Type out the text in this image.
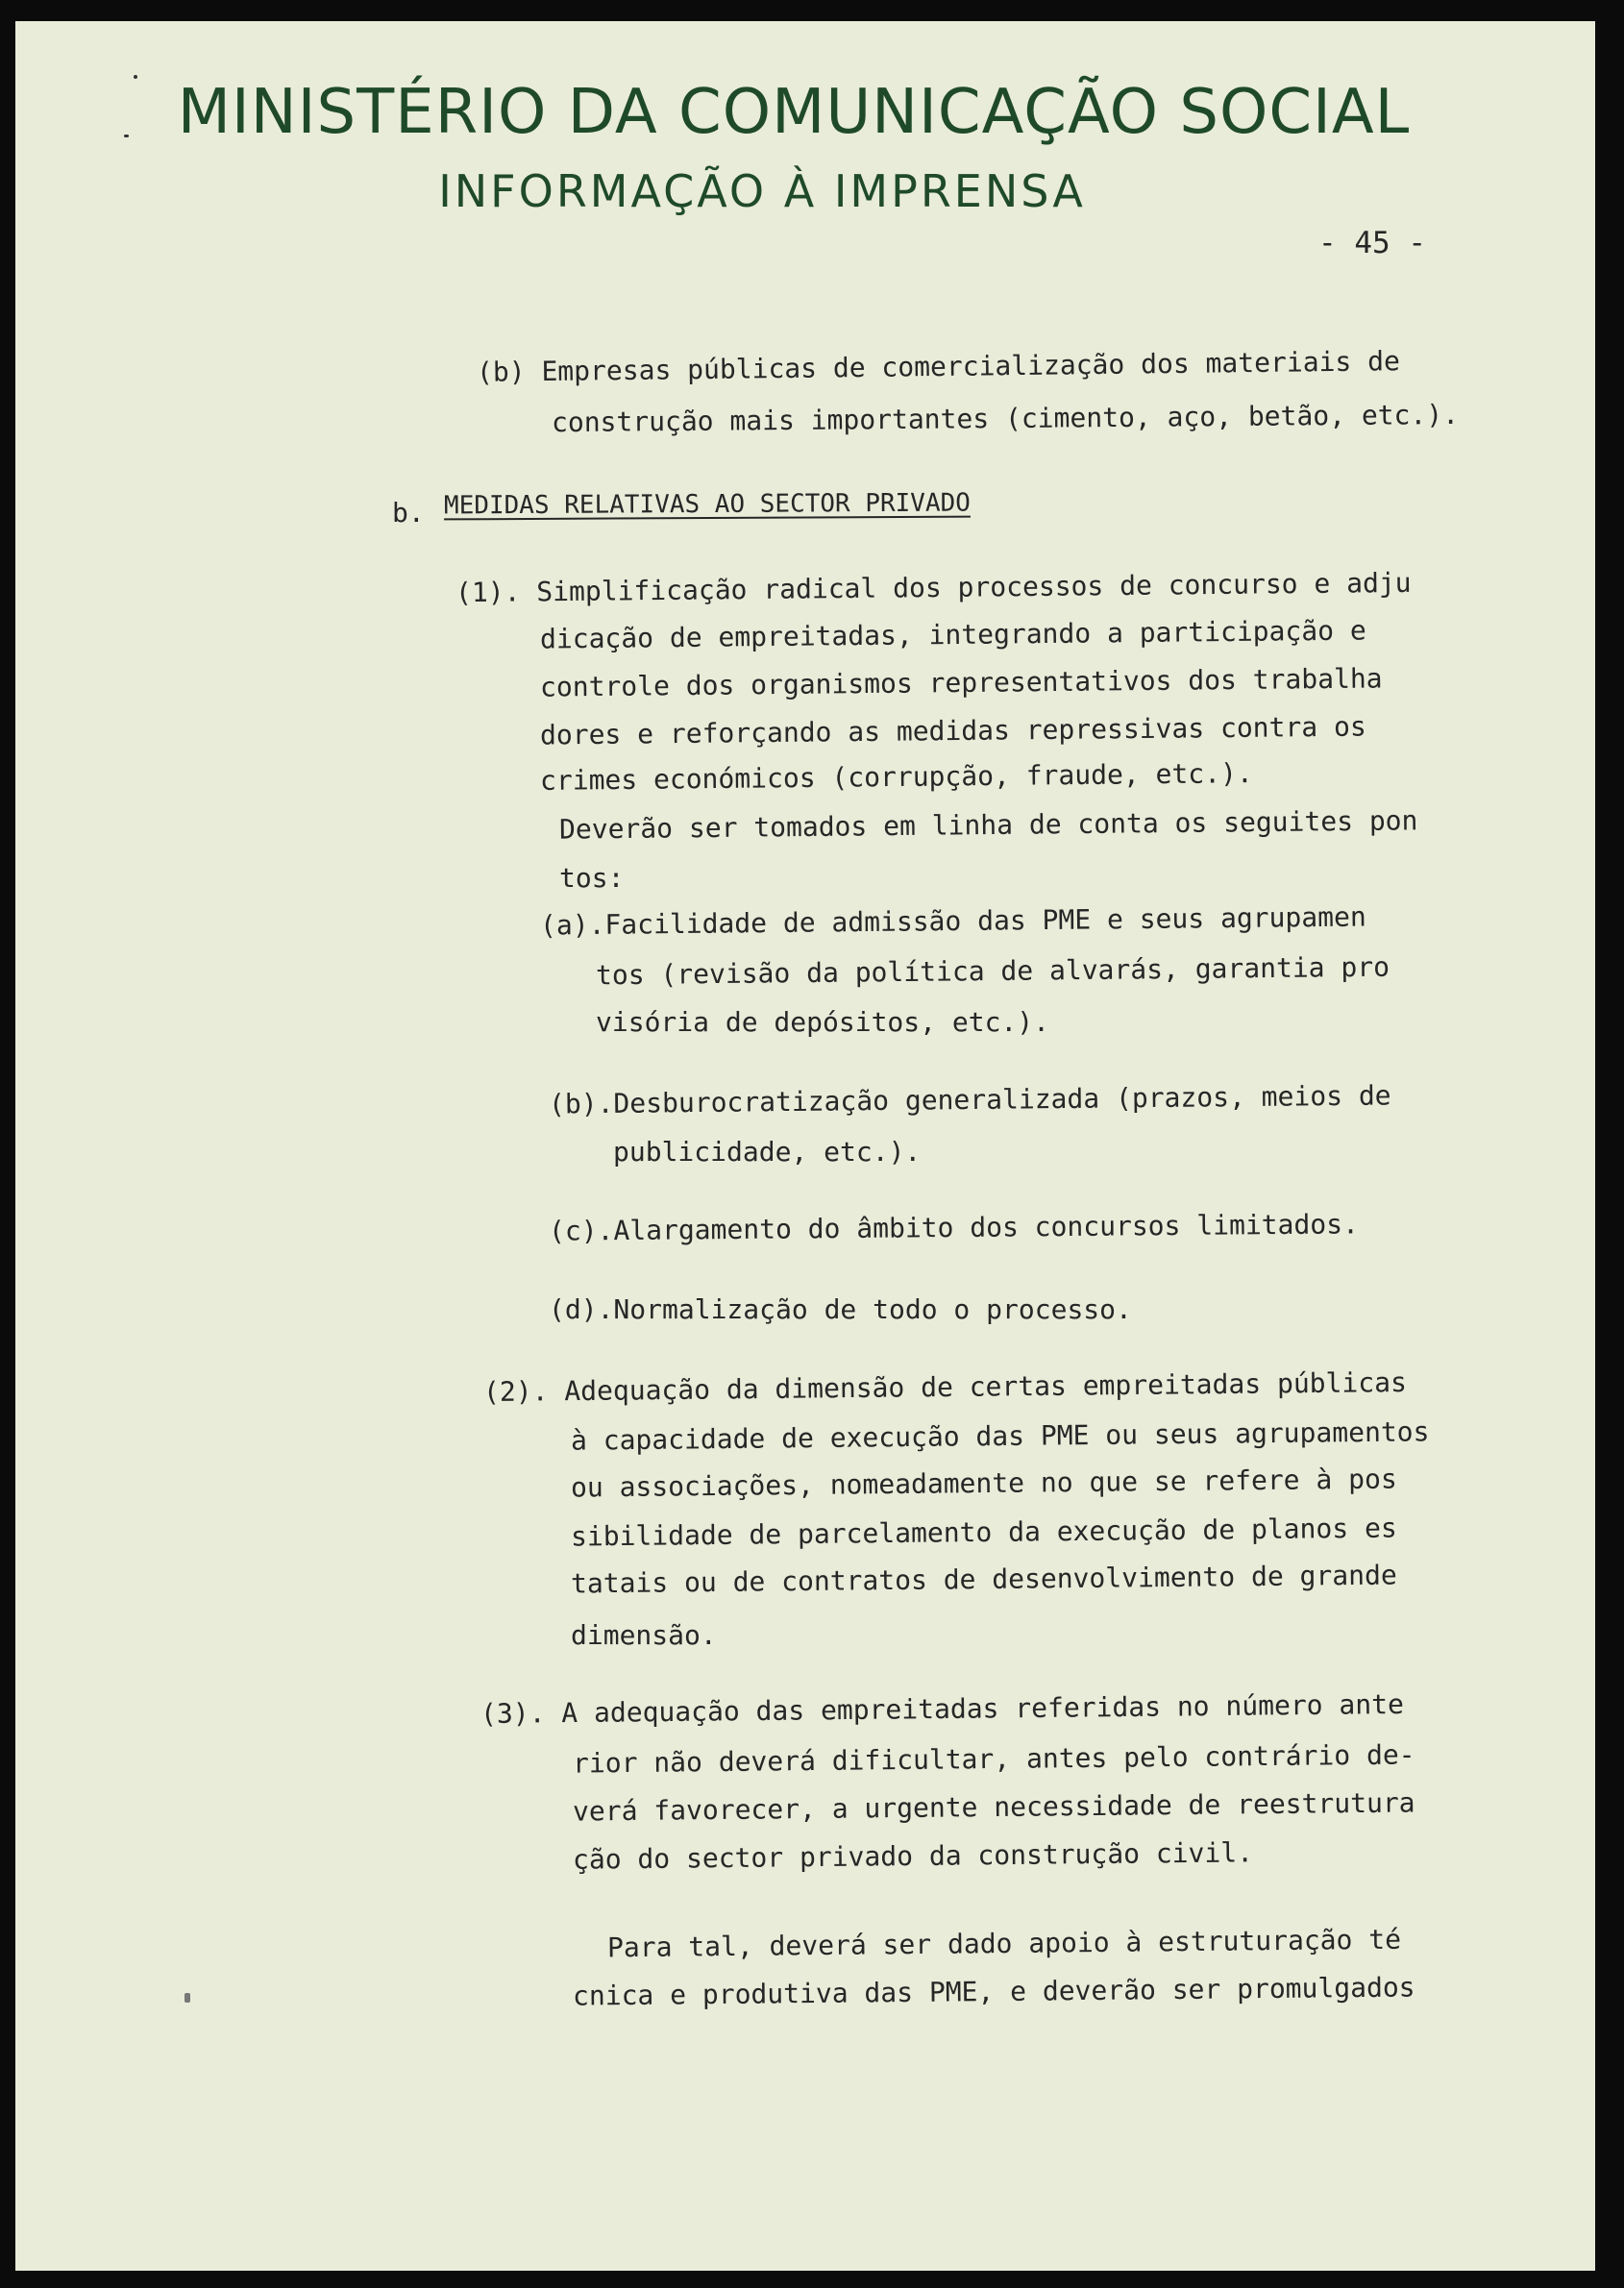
MINISTÉRIO DA COMUNICAÇÃO SOCIAL
INFORMAÇÃO À IMPRENSA
- 45 -
(b) Empresas públicas de comercialização dos materiais de
construção mais importantes (cimento, aço, betão, etc.).
b. MEDIDAS RELATIVAS AO SECTOR PRIVADO
(1). Simplificação radical dos processos de concurso e adju
dicação de empreitadas, integrando a participação e
controle dos organismos representativos dos trabalha
dores e reforçando as medidas repressivas contra os
crimes económicos (corrupção, fraude, etc.).
Deverão ser tomados em linha de conta os seguites pon
tos:
(a).Facilidade de admissão das PME e seus agrupamen
tos (revisão da política de alvarás, garantia pro
visória de depósitos, etc.).
(b).Desburocratização generalizada (prazos, meios de
publicidade, etc.).
(c).Alargamento do âmbito dos concursos limitados.
(d).Normalização de todo o processo.
(2). Adequação da dimensão de certas empreitadas públicas
à capacidade de execução das PME ou seus agrupamentos
ou associações, nomeadamente no que se refere à pos
sibilidade de parcelamento da execução de planos es
tatais ou de contratos de desenvolvimento de grande
dimensão.
(3). A adequação das empreitadas referidas no número ante
rior não deverá dificultar, antes pelo contrário de-
verá favorecer, a urgente necessidade de reestrutura
ção do sector privado da construção civil.
Para tal, deverá ser dado apoio à estruturação té
cnica e produtiva das PME, e deverão ser promulgados
